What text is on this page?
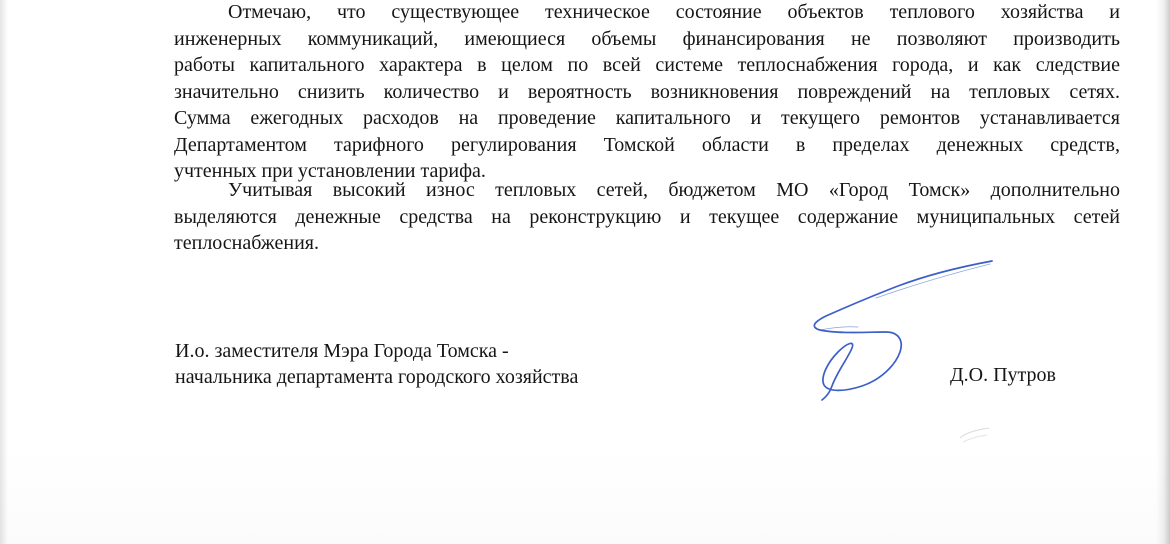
Отмечаю, что существующее техническое состояние объектов теплового хозяйства и
инженерных коммуникаций, имеющиеся объемы финансирования не позволяют производить
работы капитального характера в целом по всей системе теплоснабжения города, и как следствие
значительно снизить количество и вероятность возникновения повреждений на тепловых сетях.
Сумма ежегодных расходов на проведение капитального и текущего ремонтов устанавливается
Департаментом тарифного регулирования Томской области в пределах денежных средств,
учтенных при установлении тарифа.
Учитывая высокий износ тепловых сетей, бюджетом МО «Город Томск» дополнительно
выделяются денежные средства на реконструкцию и текущее содержание муниципальных сетей
теплоснабжения.
И.о. заместителя Мэра Города Томска -
начальника департамента городского хозяйства	Д.О. Путров
